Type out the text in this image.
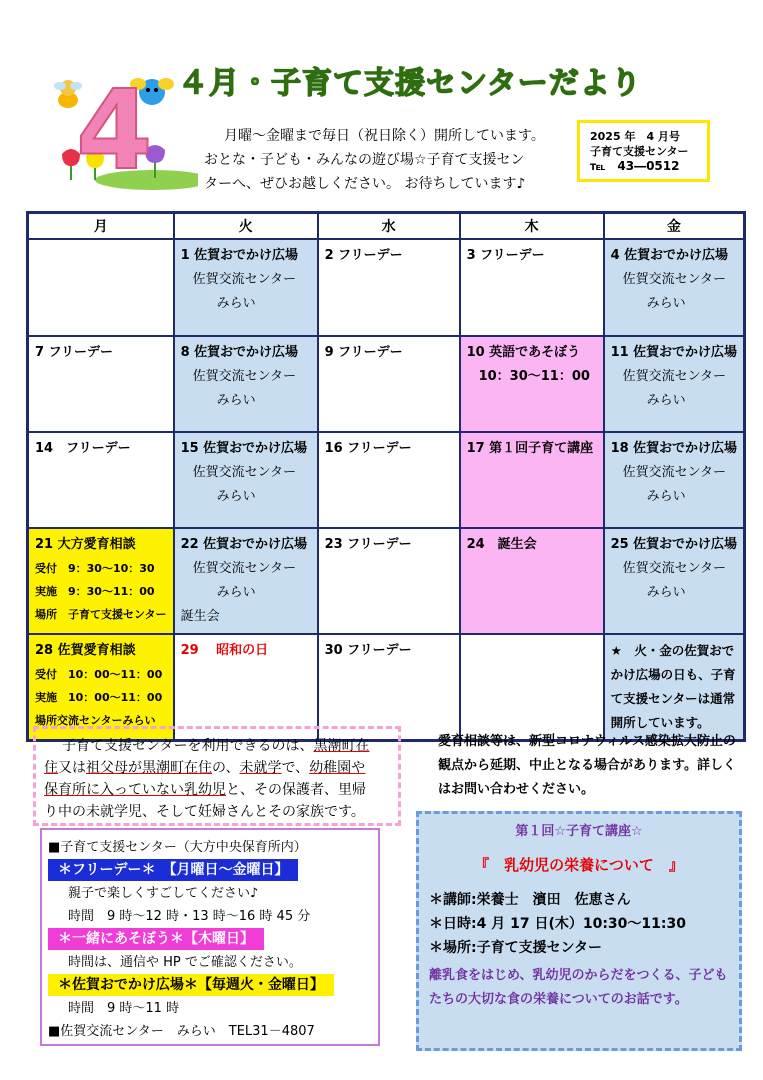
４月・子育て支援センターだより
4	月曜～金曜まで毎日（祝日除く）開所しています。
おとな・子ども・みんなの遊び場☆子育て支援セン
ターへ、ぜひお越しください。 お待ちしています♪
2025 年　4 月号
子育て支援センター
℡　43―0512
月	火	水	木	金

	1 佐賀おでかけ広場
佐賀交流センター
みらい	2 フリーデー	3 フリーデー	4 佐賀おでかけ広場
佐賀交流センター
みらい

7 フリーデー	8 佐賀おでかけ広場
佐賀交流センター
みらい	9 フリーデー	10 英語であそぼう
10：30～11：00	11 佐賀おでかけ広場
佐賀交流センター
みらい

14　フリーデー	15 佐賀おでかけ広場
佐賀交流センター
みらい	16 フリーデー	17 第１回子育て講座	18 佐賀おでかけ広場
佐賀交流センター
みらい

21 大方愛育相談
受付　9：30～10：30
実施　9：30～11：00
場所　子育て支援センター	22 佐賀おでかけ広場
佐賀交流センター
みらい
誕生会	23 フリーデー	24　誕生会	25 佐賀おでかけ広場
佐賀交流センター
みらい

28 佐賀愛育相談
受付　10：00～11：00
実施　10：00～11：00
場所交流センターみらい	29　 昭和の日	30 フリーデー		★　火・金の佐賀おでかけ広場の日も、子育て支援センターは通常開所しています。
子育て支援センターを利用できるのは、黒潮町在
住又は祖父母が黒潮町在住の、未就学で、幼稚園や
保育所に入っていない乳幼児と、その保護者、里帰
り中の未就学児、そして妊婦さんとその家族です。
愛育相談等は、新型コロナウィルス感染拡大防止の観点から延期、中止となる場合があります。詳しくはお問い合わせください。
■子育て支援センター（大方中央保育所内）
＊フリーデー＊　【月曜日～金曜日】
親子で楽しくすごしてください♪
時間　9 時～12 時・13 時～16 時 45 分
＊一緒にあそぼう＊【木曜日】
時間は、通信や HP でご確認ください。
＊佐賀おでかけ広場＊【毎週火・金曜日】
時間　9 時～11 時
■佐賀交流センター　みらい　TEL31－4807
第１回☆子育て講座☆
『　乳幼児の栄養について　』
＊講師:栄養士　濱田　佐恵さん
＊日時:4 月 17 日(木）10:30～11:30
＊場所:子育て支援センター
離乳食をはじめ、乳幼児のからだをつくる、子どもたちの大切な食の栄養についてのお話です。
